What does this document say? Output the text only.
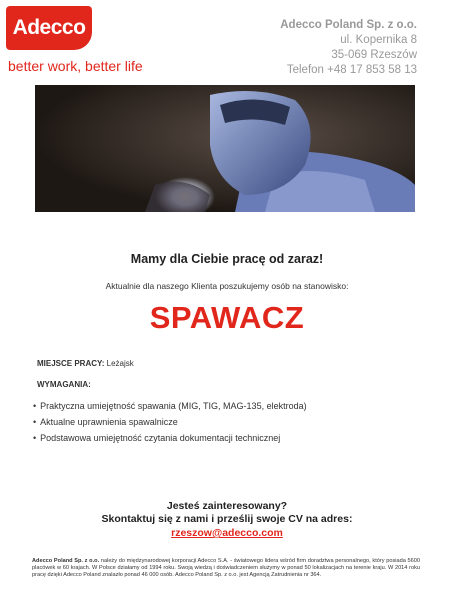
Adecco
better work, better life
Adecco Poland Sp. z o.o.
ul. Kopernika 8
35-069 Rzeszów
Telefon +48 17 853 58 13
Mamy dla Ciebie pracę od zaraz!
Aktualnie dla naszego Klienta poszukujemy osób na stanowisko:
SPAWACZ
MIEJSCE PRACY: Leżajsk
WYMAGANIA:
• Praktyczna umiejętność spawania (MIG, TIG, MAG-135, elektroda)
• Aktualne uprawnienia spawalnicze
• Podstawowa umiejętność czytania dokumentacji technicznej
Jesteś zainteresowany?
Skontaktuj się z nami i prześlij swoje CV na adres:
rzeszow@adecco.com
Adecco Poland Sp. z o.o. należy do międzynarodowej korporacji Adecco S.A. - światowego lidera wśród firm doradztwa personalnego, który posiada 5600 placówek w 60 krajach. W Polsce działamy od 1994 roku. Swoją wiedzą i doświadczeniem służymy w ponad 50 lokalizacjach na terenie kraju. W 2014 roku pracę dzięki Adecco Poland znalazło ponad 46 000 osób. Adecco Poland Sp. z o.o. jest Agencją Zatrudnienia nr 364.
